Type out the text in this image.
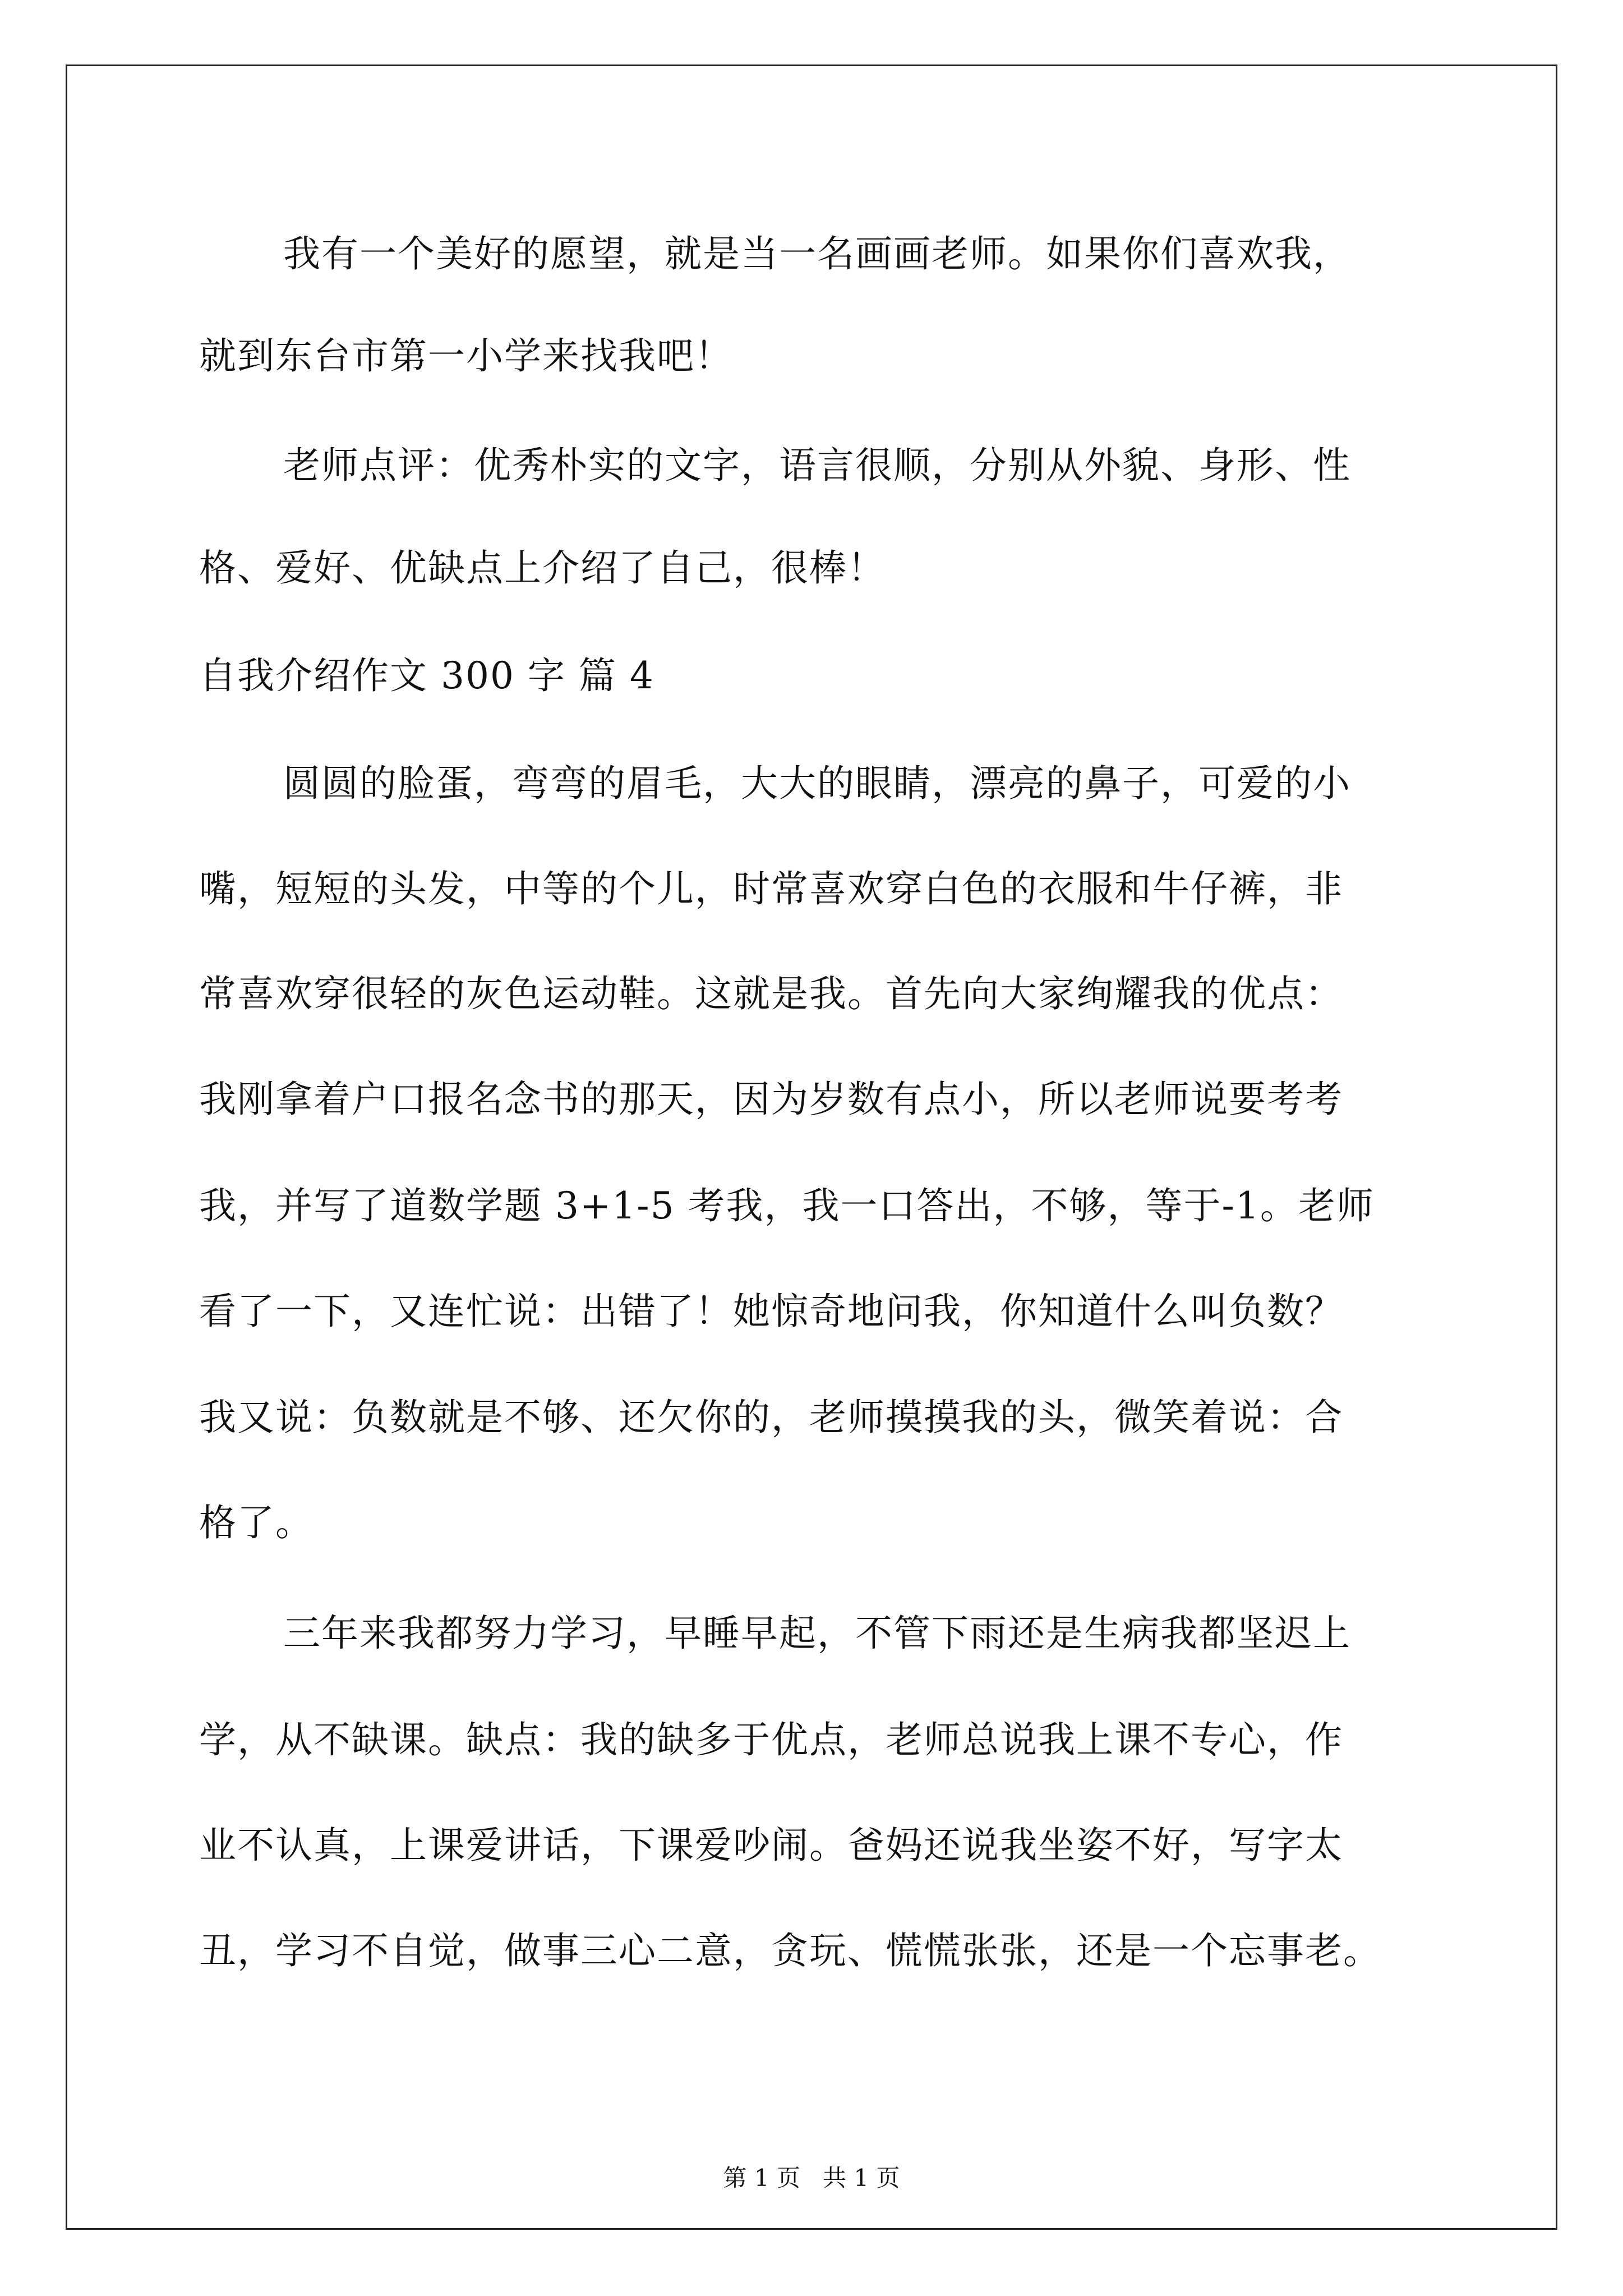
我有一个美好的愿望，就是当一名画画老师。如果你们喜欢我，
就到东台市第一小学来找我吧！
老师点评：优秀朴实的文字，语言很顺，分别从外貌、身形、性
格、爱好、优缺点上介绍了自己，很棒！
自我介绍作文 300 字 篇 4
圆圆的脸蛋，弯弯的眉毛，大大的眼睛，漂亮的鼻子，可爱的小
嘴，短短的头发，中等的个儿，时常喜欢穿白色的衣服和牛仔裤，非
常喜欢穿很轻的灰色运动鞋。这就是我。首先向大家绚耀我的优点：
我刚拿着户口报名念书的那天，因为岁数有点小，所以老师说要考考
我，并写了道数学题 3+1-5 考我，我一口答出，不够，等于-1。老师
看了一下，又连忙说：出错了！她惊奇地问我，你知道什么叫负数？
我又说：负数就是不够、还欠你的，老师摸摸我的头，微笑着说：合
格了。
三年来我都努力学习，早睡早起，不管下雨还是生病我都坚迟上
学，从不缺课。缺点：我的缺多于优点，老师总说我上课不专心，作
业不认真，上课爱讲话，下课爱吵闹。爸妈还说我坐姿不好，写字太
丑，学习不自觉，做事三心二意，贪玩、慌慌张张，还是一个忘事老。
第 1 页   共 1 页
